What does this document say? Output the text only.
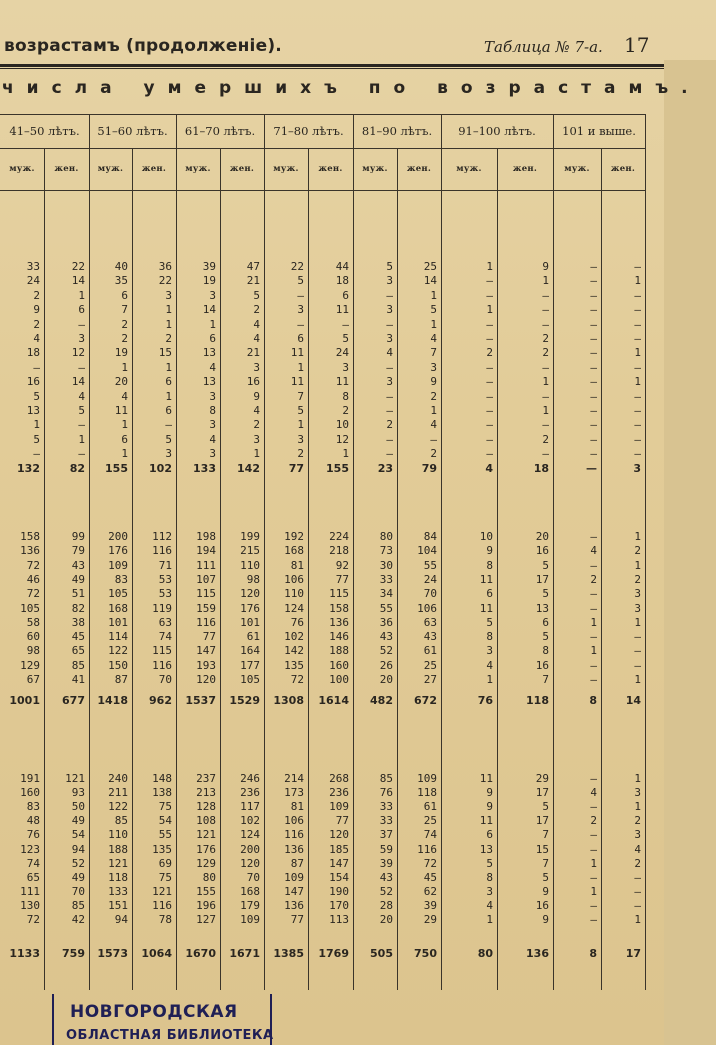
возрастамъ (продолженіе).	Таблица № 7-а. 17
числа умершихъ по возрастамъ.
41–50 лѣтъ.	51–60 лѣтъ.	61–70 лѣтъ.	71–80 лѣтъ.	81–90 лѣтъ.	91–100 лѣтъ.	101 и выше.
муж.	жен.	муж.	жен.	муж.	жен.	муж.	жен.	муж.	жен.	муж.	жен.	муж.	жен.
33	22	40	36	39	47	22	44	5	25	1	9	—	—
24	14	35	22	19	21	5	18	3	14	—	1	—	1
2	1	6	3	3	5	—	6	—	1	—	—	—	—
9	6	7	1	14	2	3	11	3	5	1	—	—	—
2	—	2	1	1	4	—	—	—	1	—	—	—	—
4	3	2	2	6	4	6	5	3	4	—	2	—	—
18	12	19	15	13	21	11	24	4	7	2	2	—	1
—	—	1	1	4	3	1	3	—	3	—	—	—	—
16	14	20	6	13	16	11	11	3	9	—	1	—	1
5	4	4	1	3	9	7	8	—	2	—	—	—	—
13	5	11	6	8	4	5	2	—	1	—	1	—	—
1	—	1	—	3	2	1	10	2	4	—	—	—	—
5	1	6	5	4	3	3	12	—	—	—	2	—	—
—	—	1	3	3	1	2	1	—	2	—	—	—	—
132	82	155	102	133	142	77	155	23	79	4	18	—	3
158	99	200	112	198	199	192	224	80	84	10	20	—	1
136	79	176	116	194	215	168	218	73	104	9	16	4	2
72	43	109	71	111	110	81	92	30	55	8	5	—	1
46	49	83	53	107	98	106	77	33	24	11	17	2	2
72	51	105	53	115	120	110	115	34	70	6	5	—	3
105	82	168	119	159	176	124	158	55	106	11	13	—	3
58	38	101	63	116	101	76	136	36	63	5	6	1	1
60	45	114	74	77	61	102	146	43	43	8	5	—	—
98	65	122	115	147	164	142	188	52	61	3	8	1	—
129	85	150	116	193	177	135	160	26	25	4	16	—	—
67	41	87	70	120	105	72	100	20	27	1	7	—	1
1001	677	1418	962	1537	1529	1308	1614	482	672	76	118	8	14
191	121	240	148	237	246	214	268	85	109	11	29	—	1
160	93	211	138	213	236	173	236	76	118	9	17	4	3
83	50	122	75	128	117	81	109	33	61	9	5	—	1
48	49	85	54	108	102	106	77	33	25	11	17	2	2
76	54	110	55	121	124	116	120	37	74	6	7	—	3
123	94	188	135	176	200	136	185	59	116	13	15	—	4
74	52	121	69	129	120	87	147	39	72	5	7	1	2
65	49	118	75	80	70	109	154	43	45	8	5	—	—
111	70	133	121	155	168	147	190	52	62	3	9	1	—
130	85	151	116	196	179	136	170	28	39	4	16	—	—
72	42	94	78	127	109	77	113	20	29	1	9	—	1
1133	759	1573	1064	1670	1671	1385	1769	505	750	80	136	8	17
НОВГОРОДСКАЯ
ОБЛАСТНАЯ БИБЛИОТЕКА
